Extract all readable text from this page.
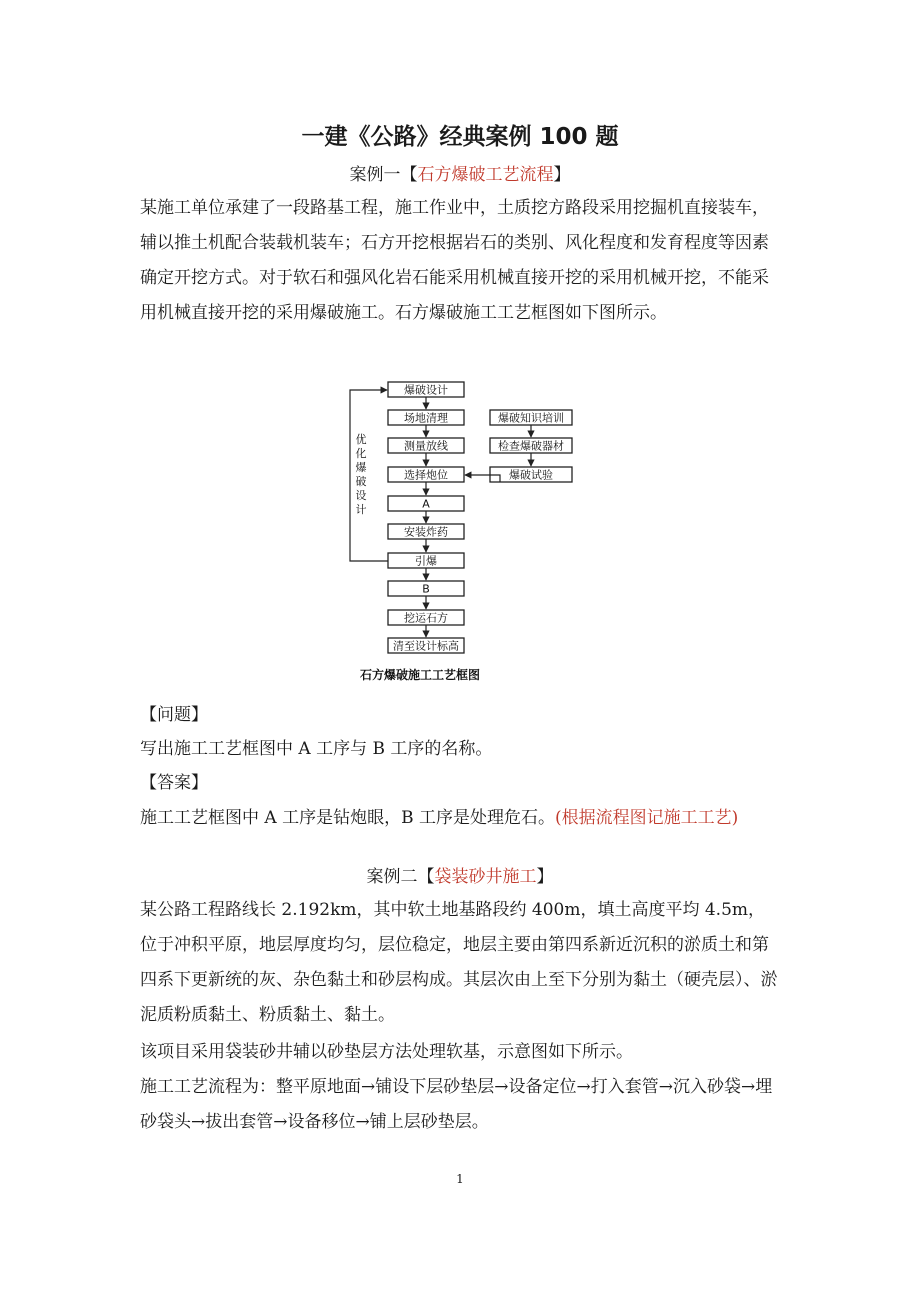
一建《公路》经典案例 100 题
案例一【石方爆破工艺流程】
某施工单位承建了一段路基工程，施工作业中，土质挖方路段采用挖掘机直接装车，辅以推土机配合装载机装车；石方开挖根据岩石的类别、风化程度和发育程度等因素确定开挖方式。对于软石和强风化岩石能采用机械直接开挖的采用机械开挖，不能采用机械直接开挖的采用爆破施工。石方爆破施工工艺框图如下图所示。
爆破设计
场地清理
测量放线
选择炮位
A
安装炸药
引爆
B
挖运石方
清至设计标高
爆破知识培训
检查爆破器材
爆破试验
优
化
爆
破
设
计
石方爆破施工工艺框图
【问题】
写出施工工艺框图中 A 工序与 B 工序的名称。
【答案】
施工工艺框图中 A 工序是钻炮眼，B 工序是处理危石。(根据流程图记施工工艺)
案例二【袋装砂井施工】
某公路工程路线长 2.192km，其中软土地基路段约 400m，填土高度平均 4.5m，位于冲积平原，地层厚度均匀，层位稳定，地层主要由第四系新近沉积的淤质土和第四系下更新统的灰、杂色黏土和砂层构成。其层次由上至下分别为黏土（硬壳层）、淤泥质粉质黏土、粉质黏土、黏土。
该项目采用袋装砂井辅以砂垫层方法处理软基，示意图如下所示。
施工工艺流程为：整平原地面→铺设下层砂垫层→设备定位→打入套管→沉入砂袋→埋砂袋头→拔出套管→设备移位→铺上层砂垫层。
1
